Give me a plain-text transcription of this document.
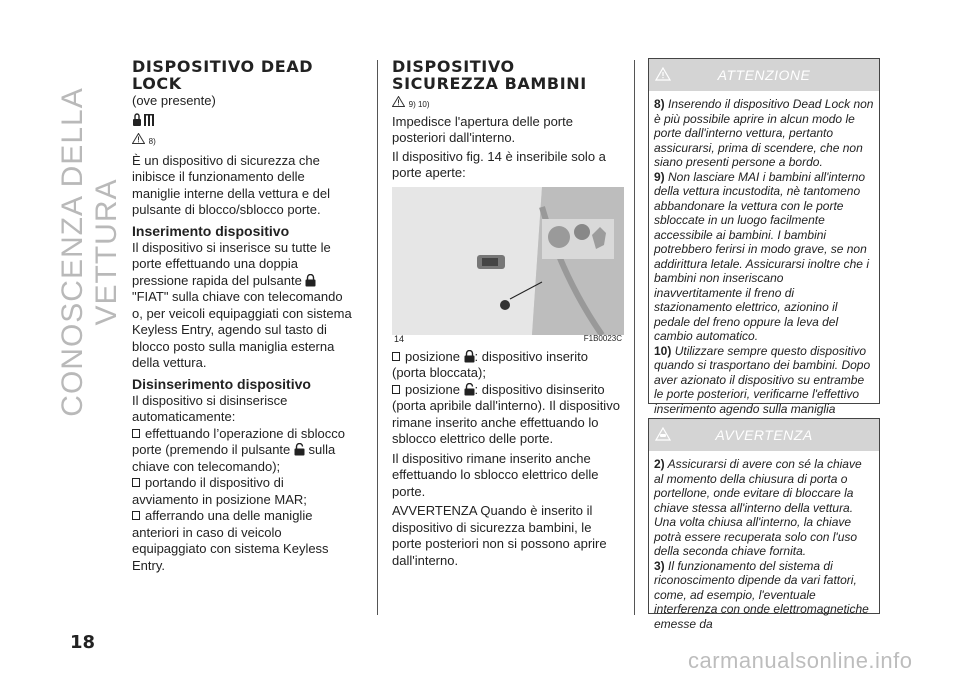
CONOSCENZA DELLA VETTURA
DISPOSITIVO DEAD
LOCK

(ove presente)

8)

È un dispositivo di sicurezza che inibisce il funzionamento delle maniglie interne della vettura e del pulsante di blocco/sblocco porte.

Inserimento dispositivo

Il dispositivo si inserisce su tutte le porte effettuando una doppia pressione rapida del pulsante "FIAT" sulla chiave con telecomando o, per veicoli equipaggiati con sistema Keyless Entry, agendo sul tasto di blocco posto sulla maniglia esterna della vettura.

Disinserimento dispositivo

Il dispositivo si disinserisce automaticamente:

effettuando l’operazione di sblocco porte (premendo il pulsante  sulla chiave con telecomando);

portando il dispositivo di avviamento in posizione MAR;

afferrando una delle maniglie anteriori in caso di veicolo equipaggiato con sistema Keyless Entry.

DISPOSITIVO
SICUREZZA BAMBINI
9) 10)

Impedisce l'apertura delle porte posteriori dall'interno.

Il dispositivo fig. 14 è inseribile solo a porte aperte:

14	F1B0023C

posizione : dispositivo inserito (porta bloccata);

posizione : dispositivo disinserito (porta apribile dall'interno). Il dispositivo rimane inserito anche effettuando lo sblocco elettrico delle porte.

Il dispositivo rimane inserito anche effettuando lo sblocco elettrico delle porte.

AVVERTENZA Quando è inserito il dispositivo di sicurezza bambini, le porte posteriori non si possono aprire dall'interno.

ATTENZIONE

8) Inserendo il dispositivo Dead Lock non è più possibile aprire in alcun modo le porte dall'interno vettura, pertanto assicurarsi, prima di scendere, che non siano presenti persone a bordo.

9) Non lasciare MAI i bambini all'interno della vettura incustodita, nè tantomeno abbandonare la vettura con le porte sbloccate in un luogo facilmente accessibile ai bambini. I bambini potrebbero ferirsi in modo grave, se non addirittura letale. Assicurarsi inoltre che i bambini non inseriscano inavvertitamente il freno di stazionamento elettrico, azionino il pedale del freno oppure la leva del cambio automatico.

10) Utilizzare sempre questo dispositivo quando si trasportano dei bambini. Dopo aver azionato il dispositivo su entrambe le porte posteriori, verificarne l'effettivo inserimento agendo sulla maniglia

AVVERTENZA

2) Assicurarsi di avere con sé la chiave al momento della chiusura di porta o portellone, onde evitare di bloccare la chiave stessa all'interno della vettura. Una volta chiusa all'interno, la chiave potrà essere recuperata solo con l'uso della seconda chiave fornita.

3) Il funzionamento del sistema di riconoscimento dipende da vari fattori, come, ad esempio, l'eventuale interferenza con onde elettromagnetiche emesse da

18
carmanualsonline.info
